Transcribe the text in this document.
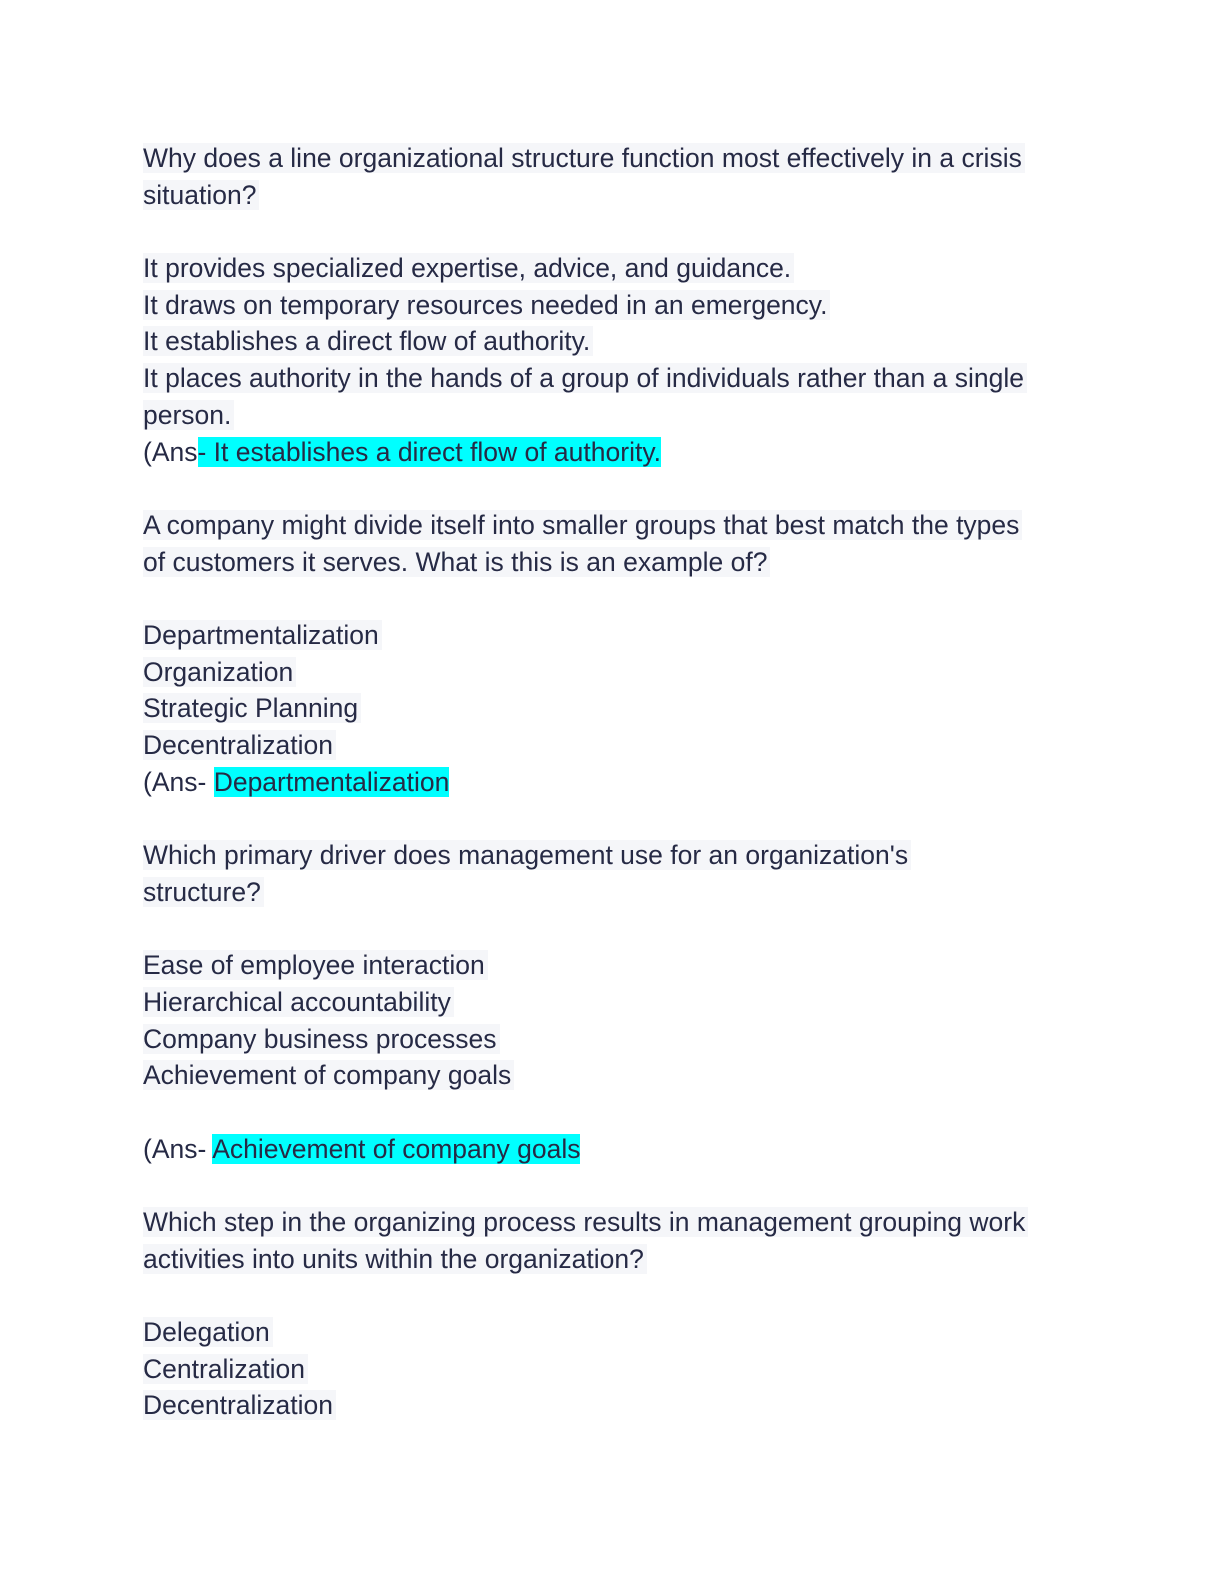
Why does a line organizational structure function most effectively in a crisis
situation?
It provides specialized expertise, advice, and guidance.
It draws on temporary resources needed in an emergency.
It establishes a direct flow of authority.
It places authority in the hands of a group of individuals rather than a single
person.
(Ans- It establishes a direct flow of authority.
A company might divide itself into smaller groups that best match the types
of customers it serves. What is this is an example of?
Departmentalization
Organization
Strategic Planning
Decentralization
(Ans- Departmentalization
Which primary driver does management use for an organization's
structure?
Ease of employee interaction
Hierarchical accountability
Company business processes
Achievement of company goals
(Ans- Achievement of company goals
Which step in the organizing process results in management grouping work
activities into units within the organization?
Delegation
Centralization
Decentralization
